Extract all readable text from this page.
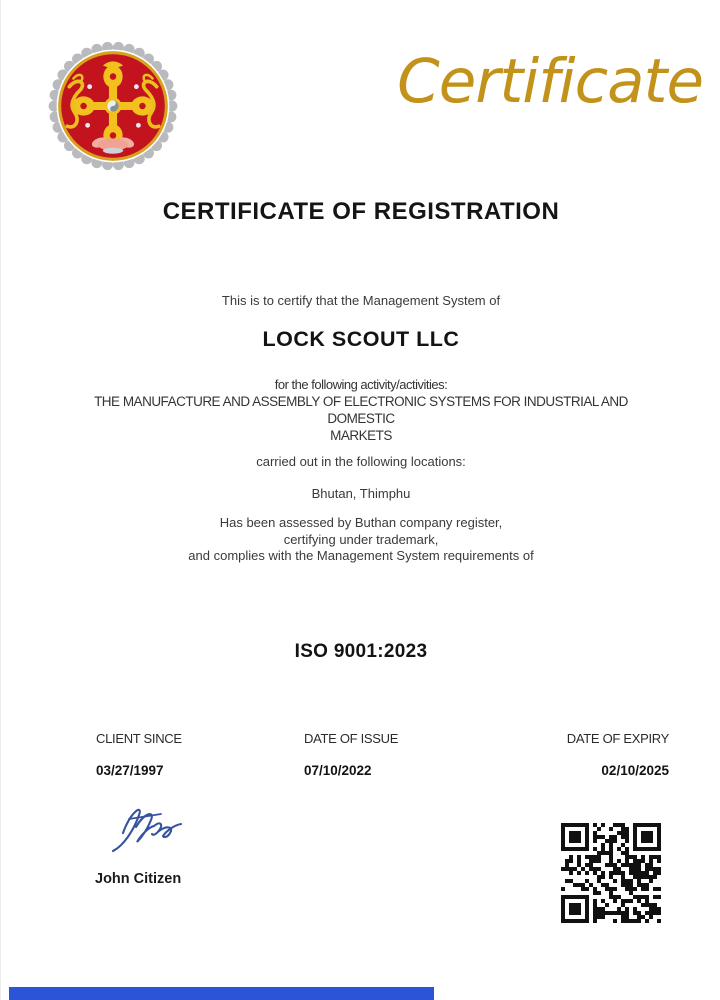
Certificate
CERTIFICATE OF REGISTRATION
This is to certify that the Management System of
LOCK SCOUT LLC
for the following activity/activities:
THE MANUFACTURE AND ASSEMBLY OF ELECTRONIC SYSTEMS FOR INDUSTRIAL AND
DOMESTIC
MARKETS
carried out in the following locations:
Bhutan, Thimphu
Has been assessed by Buthan company register,
certifying under trademark,
and complies with the Management System requirements of
ISO 9001:2023
CLIENT SINCE
03/27/1997
DATE OF ISSUE
07/10/2022
DATE OF EXPIRY
02/10/2025
John Citizen
